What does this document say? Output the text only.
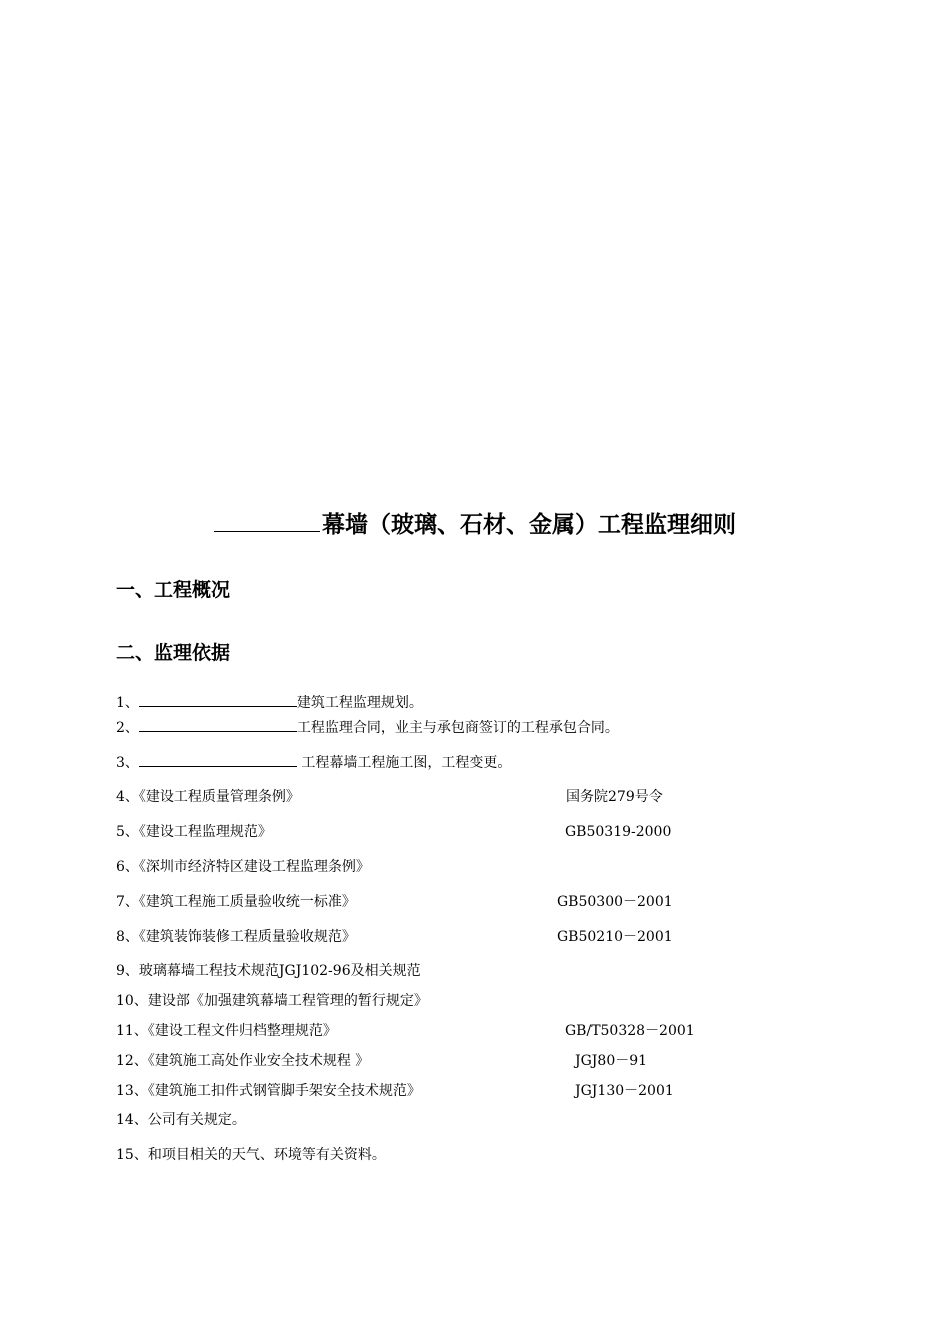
幕墙（玻璃、石材、金属）工程监理细则
一、工程概况
二、监理依据
1、	建筑工程监理规划。
2、	工程监理合同，业主与承包商签订的工程承包合同。
3、	工程幕墙工程施工图，工程变更。
4、《建设工程质量管理条例》	国务院279号令
5、《建设工程监理规范》	GB50319-2000
6、《深圳市经济特区建设工程监理条例》
7、《建筑工程施工质量验收统一标准》	GB50300－2001
8、《建筑装饰装修工程质量验收规范》	GB50210－2001
9、玻璃幕墙工程技术规范JGJ102-96及相关规范
10、建设部《加强建筑幕墙工程管理的暂行规定》
11、《建设工程文件归档整理规范》	GB/T50328－2001
12、《建筑施工高处作业安全技术规程 》	JGJ80－91
13、《建筑施工扣件式钢管脚手架安全技术规范》	JGJ130－2001
14、公司有关规定。
15、和项目相关的天气、环境等有关资料。
